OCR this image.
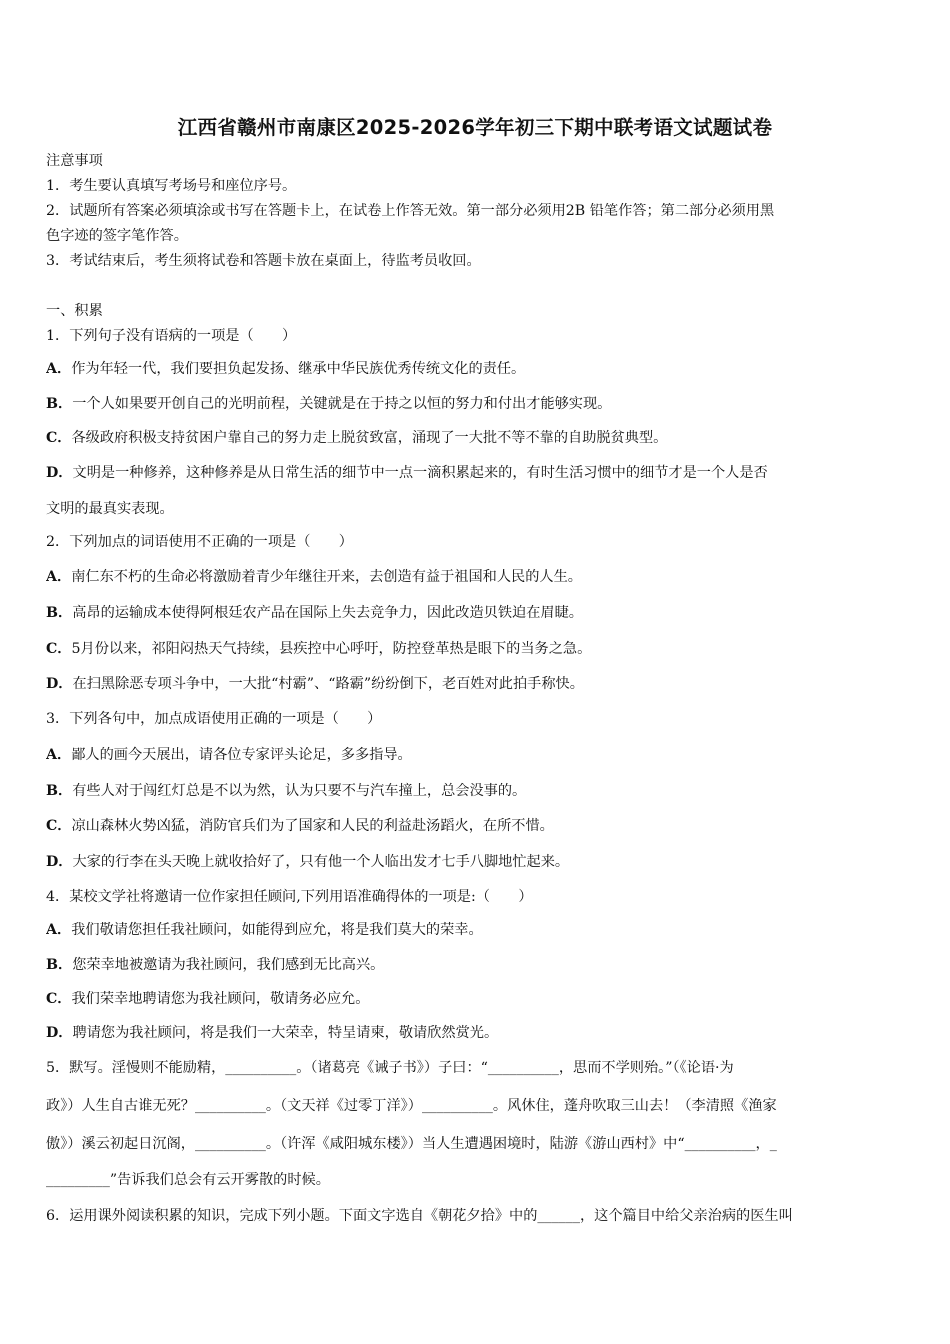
江西省赣州市南康区2025-2026学年初三下期中联考语文试题试卷
注意事项
1．考生要认真填写考场号和座位序号。
2．试题所有答案必须填涂或书写在答题卡上，在试卷上作答无效。第一部分必须用2B 铅笔作答；第二部分必须用黑
色字迹的签字笔作答。
3．考试结束后，考生须将试卷和答题卡放在桌面上，待监考员收回。
一、积累
1．下列句子没有语病的一项是（　　）
A．作为年轻一代，我们要担负起发扬、继承中华民族优秀传统文化的责任。
B．一个人如果要开创自己的光明前程，关键就是在于持之以恒的努力和付出才能够实现。
C．各级政府积极支持贫困户靠自己的努力走上脱贫致富，涌现了一大批不等不靠的自助脱贫典型。
D．文明是一种修养，这种修养是从日常生活的细节中一点一滴积累起来的，有时生活习惯中的细节才是一个人是否
文明的最真实表现。
2．下列加点的词语使用不正确的一项是（　　）
A．南仁东不朽的生命必将激励着青少年继往开来，去创造有益于祖国和人民的人生。
B．高昂的运输成本使得阿根廷农产品在国际上失去竞争力，因此改造贝铁迫在眉睫。
C．5月份以来，祁阳闷热天气持续，县疾控中心呼吁，防控登革热是眼下的当务之急。
D．在扫黑除恶专项斗争中，一大批“村霸”、“路霸”纷纷倒下，老百姓对此拍手称快。
3．下列各句中，加点成语使用正确的一项是（　　）
A．鄙人的画今天展出，请各位专家评头论足，多多指导。
B．有些人对于闯红灯总是不以为然，认为只要不与汽车撞上，总会没事的。
C．凉山森林火势凶猛，消防官兵们为了国家和人民的利益赴汤蹈火，在所不惜。
D．大家的行李在头天晚上就收拾好了，只有他一个人临出发才七手八脚地忙起来。
4．某校文学社将邀请一位作家担任顾问,下列用语准确得体的一项是:（　　）
A．我们敬请您担任我社顾问，如能得到应允，将是我们莫大的荣幸。
B．您荣幸地被邀请为我社顾问，我们感到无比高兴。
C．我们荣幸地聘请您为我社顾问，敬请务必应允。
D．聘请您为我社顾问，将是我们一大荣幸，特呈请柬，敬请欣然赏光。
5．默写。淫慢则不能励精，__________。（诸葛亮《诫子书》）子曰：“__________，思而不学则殆。”（《论语·为
政》）人生自古谁无死？__________。（文天祥《过零丁洋》）__________。风休住，蓬舟吹取三山去！（李清照《渔家
傲》）溪云初起日沉阁，__________。（许浑《咸阳城东楼》）当人生遭遇困境时，陆游《游山西村》中“__________，_
_________”告诉我们总会有云开雾散的时候。
6．运用课外阅读积累的知识，完成下列小题。下面文字选自《朝花夕拾》中的______，这个篇目中给父亲治病的医生叫
